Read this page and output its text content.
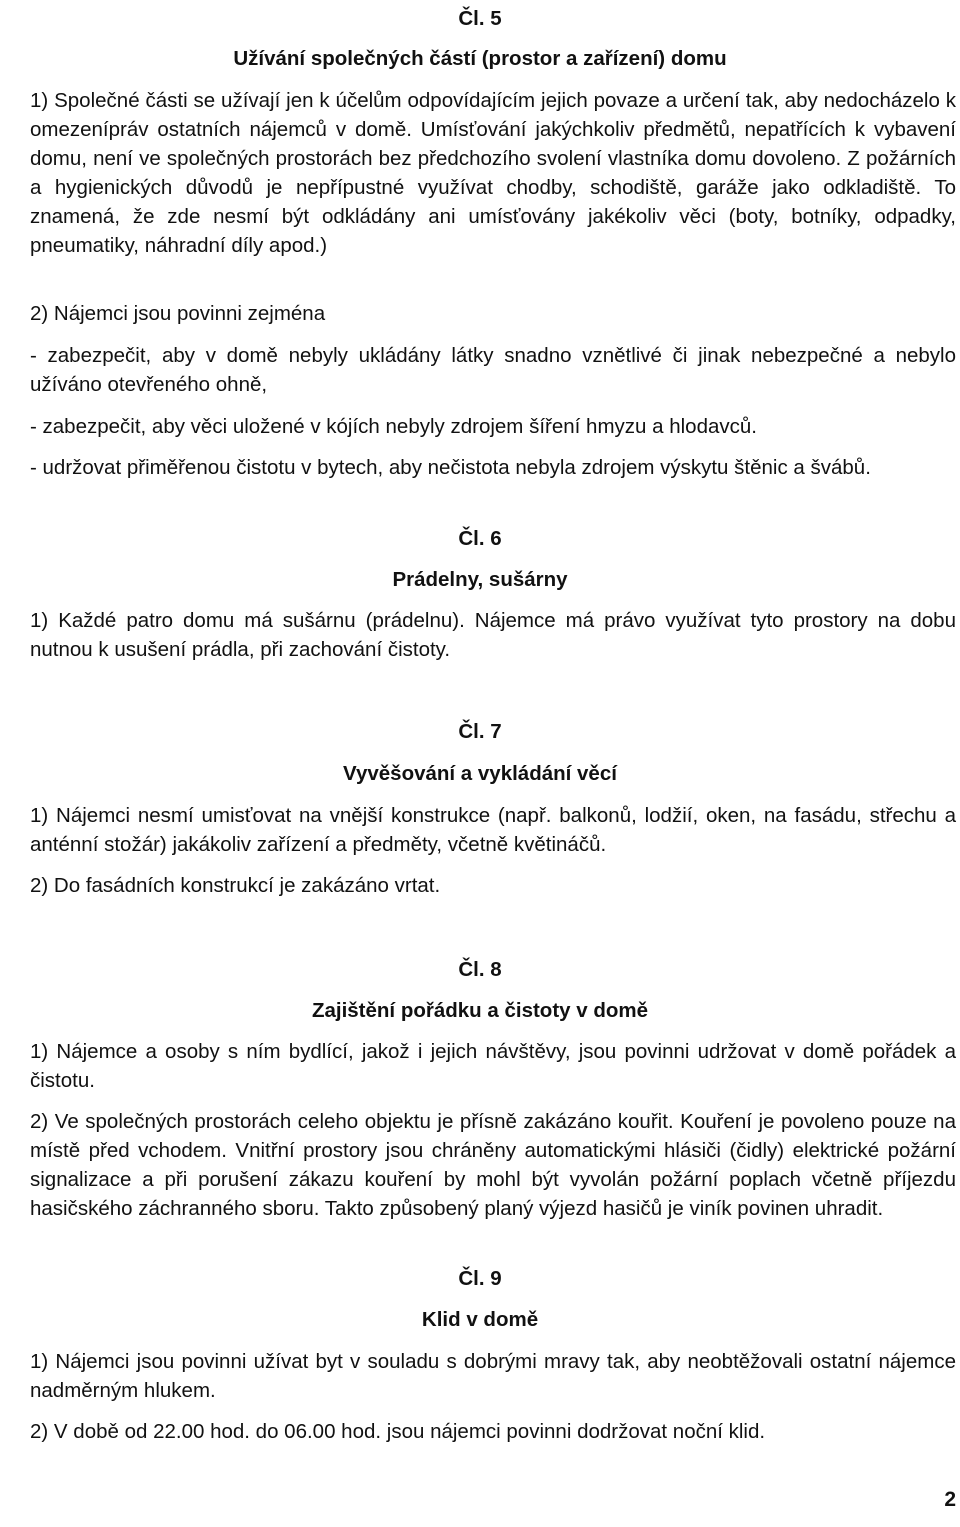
Čl. 5
Užívání společných částí (prostor a zařízení) domu
1) Společné části se užívají jen k účelům odpovídajícím jejich povaze a určení tak, aby nedocházelo k omezenípráv ostatních nájemců v domě. Umísťování jakýchkoliv předmětů, nepatřících k vybavení domu, není ve společných prostorách bez předchozího svolení vlastníka domu dovoleno. Z požárních a hygienických důvodů je nepřípustné využívat chodby, schodiště, garáže jako odkladiště. To znamená, že zde nesmí být odkládány ani umísťovány jakékoliv věci (boty, botníky, odpadky, pneumatiky, náhradní díly apod.)
2) Nájemci jsou povinni zejména
- zabezpečit, aby v domě nebyly ukládány látky snadno vznětlivé či jinak nebezpečné a nebylo užíváno otevřeného ohně,
- zabezpečit, aby věci uložené v kójích nebyly zdrojem šíření hmyzu a hlodavců.
- udržovat přiměřenou čistotu v bytech, aby nečistota nebyla zdrojem výskytu štěnic a švábů.
Čl. 6
Prádelny, sušárny
1) Každé patro domu má sušárnu (prádelnu). Nájemce má právo využívat tyto prostory na dobu nutnou k usušení prádla, při zachování čistoty.
Čl. 7
Vyvěšování a vykládání věcí
1) Nájemci nesmí umisťovat na vnější konstrukce (např. balkonů, lodžií, oken, na fasádu, střechu a anténní stožár) jakákoliv zařízení a předměty, včetně květináčů.
2) Do fasádních konstrukcí je zakázáno vrtat.
Čl. 8
Zajištění pořádku a čistoty v domě
1) Nájemce a osoby s ním bydlící, jakož i jejich návštěvy, jsou povinni udržovat v domě pořádek a čistotu.
2) Ve společných prostorách celeho objektu je přísně zakázáno kouřit. Kouření je povoleno pouze na místě před vchodem. Vnitřní prostory jsou chráněny automatickými hlásiči (čidly) elektrické požární signalizace a při porušení zákazu kouření by mohl být vyvolán požární poplach včetně příjezdu hasičského záchranného sboru. Takto způsobený planý výjezd hasičů je viník povinen uhradit.
Čl. 9
Klid v domě
1) Nájemci jsou povinni užívat byt v souladu s dobrými mravy tak, aby neobtěžovali ostatní nájemce nadměrným hlukem.
2) V době od 22.00 hod. do 06.00 hod. jsou nájemci povinni dodržovat noční klid.
2
